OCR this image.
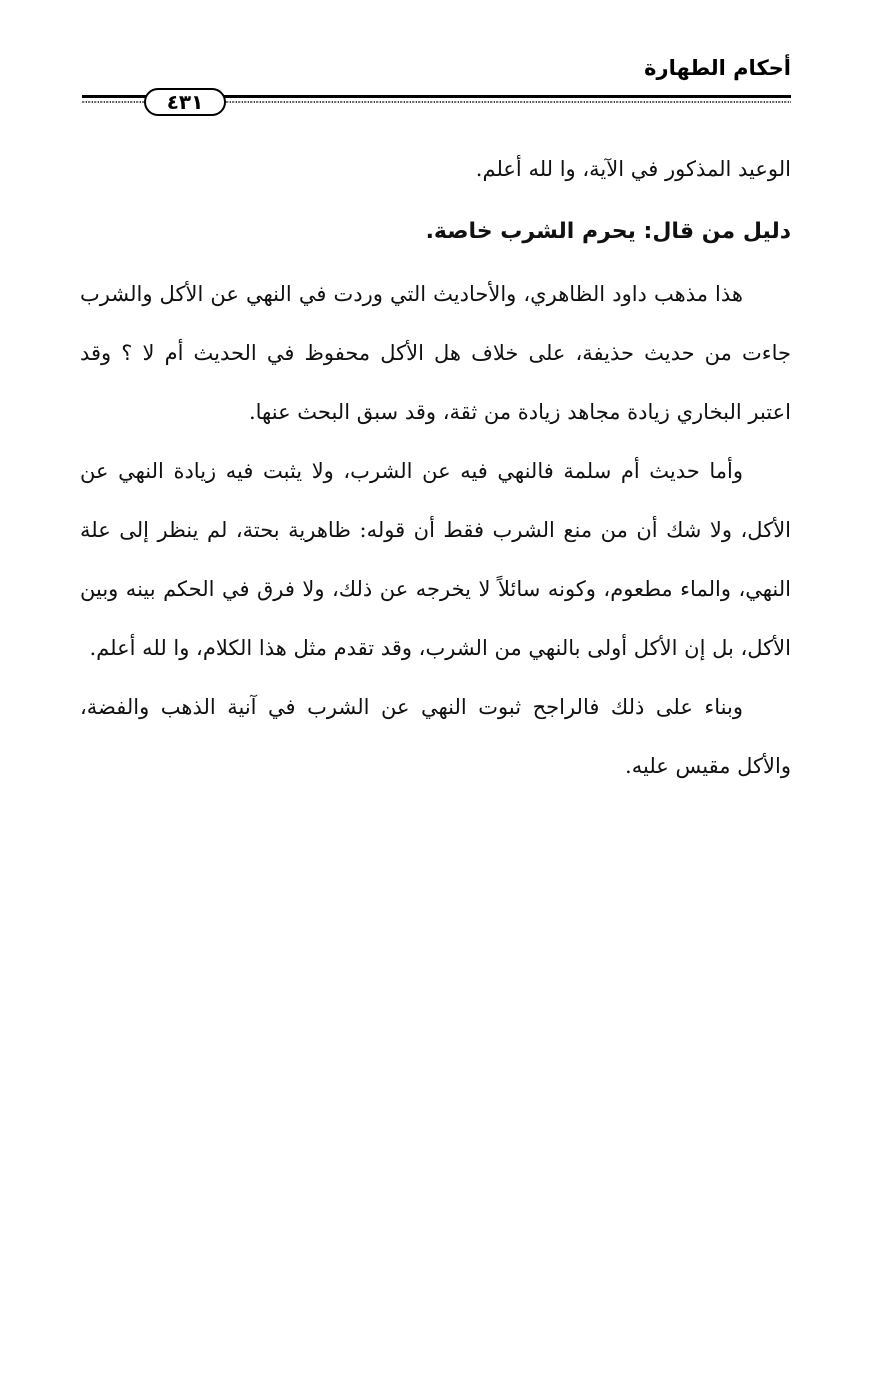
أحكام الطهارة
٤٣١

الوعيد المذكور في الآية، وا لله أعلم.

دليل من قال: يحرم الشرب خاصة.

هذا مذهب داود الظاهري، والأحاديث التي وردت في النهي عن الأكل والشرب جاءت من حديث حذيفة، على خلاف هل الأكل محفوظ في الحديث أم لا ؟ وقد اعتبر البخاري زيادة مجاهد زيادة من ثقة، وقد سبق البحث عنها.

وأما حديث أم سلمة فالنهي فيه عن الشرب، ولا يثبت فيه زيادة النهي عن الأكل، ولا شك أن من منع الشرب فقط أن قوله: ظاهرية بحتة، لم ينظر إلى علة النهي، والماء مطعوم، وكونه سائلاً لا يخرجه عن ذلك، ولا فرق في الحكم بينه وبين الأكل، بل إن الأكل أولى بالنهي من الشرب، وقد تقدم مثل هذا الكلام، وا لله أعلم.

وبناء على ذلك فالراجح ثبوت النهي عن الشرب في آنية الذهب والفضة، والأكل مقيس عليه.
